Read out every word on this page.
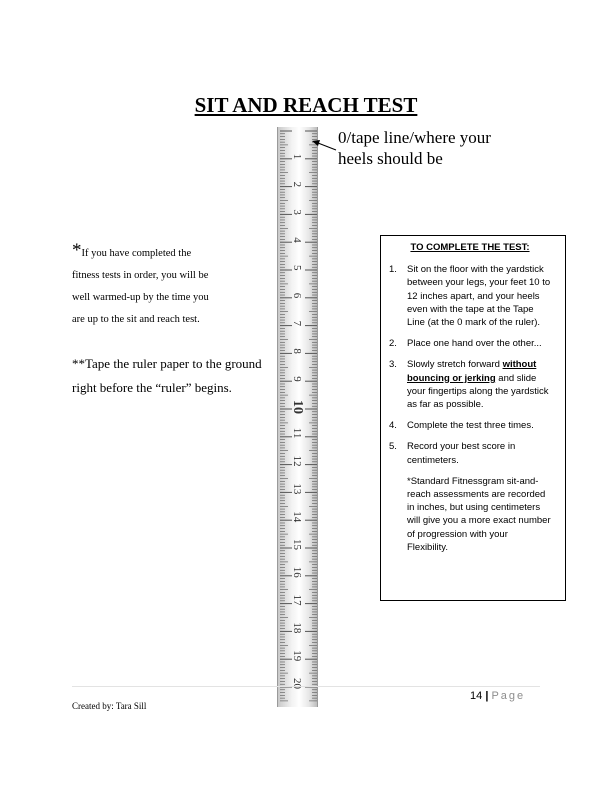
SIT AND REACH TEST
1
2
3
4
5
6
7
8
9
10
11
12
13
14
15
16
17
18
19
20
0/tape line/where your
heels should be
*If you have completed the
fitness tests in order, you will be
well warmed-up by the time you
are up to the sit and reach test.
**Tape the ruler paper to the ground
right before the “ruler” begins.
TO COMPLETE THE TEST:
1.	Sit on the floor with the yardstick between your legs, your feet 10 to 12 inches apart, and your heels even with the tape at the Tape Line (at the 0 mark of the ruler).
2.	Place one hand over the other...
3.	Slowly stretch forward without bouncing or jerking and slide your fingertips along the yardstick as far as possible.
4.	Complete the test three times.
5.	Record your best score in centimeters.
*Standard Fitnessgram sit-and-reach assessments are recorded in inches, but using centimeters will give you a more exact number of progression with your Flexibility.
14 | Page
Created by: Tara Sill
